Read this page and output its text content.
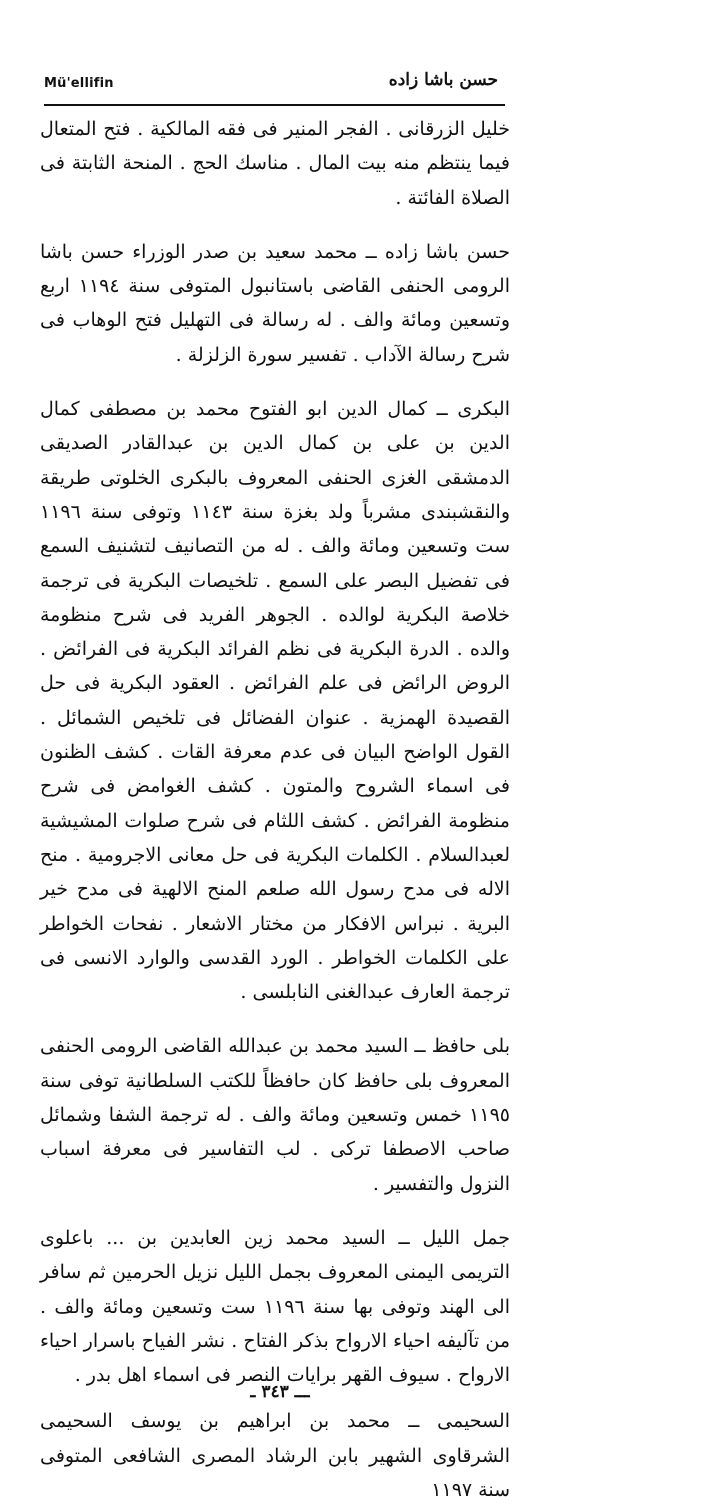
Mü'ellifin	حسن باشا زاده

خليل الزرقانى . الفجر المنير فى فقه المالكية . فتح المتعال فيما ينتظم منه بيت المال . مناسك الحج . المنحة الثابتة فى الصلاة الفائتة .

حسن باشا زاده ــ محمد سعيد بن صدر الوزراء حسن باشا الرومى الحنفى القاضى باستانبول المتوفى سنة ١١٩٤ اربع وتسعين ومائة والف . له رسالة فى التهليل فتح الوهاب فى شرح رسالة الآداب . تفسير سورة الزلزلة .

البكرى ــ كمال الدين ابو الفتوح محمد بن مصطفى كمال الدين بن على بن كمال الدين بن عبدالقادر الصديقى الدمشقى الغزى الحنفى المعروف بالبكرى الخلوتى طريقة والنقشبندى مشرباً ولد بغزة سنة ١١٤٣ وتوفى سنة ١١٩٦ ست وتسعين ومائة والف . له من التصانيف لتشنيف السمع فى تفضيل البصر على السمع . تلخيصات البكرية فى ترجمة خلاصة البكرية لوالده . الجوهر الفريد فى شرح منظومة والده . الدرة البكرية فى نظم الفرائد البكرية فى الفرائض . الروض الرائض فى علم الفرائض . العقود البكرية فى حل القصيدة الهمزية . عنوان الفضائل فى تلخيص الشمائل . القول الواضح البيان فى عدم معرفة القات . كشف الظنون فى اسماء الشروح والمتون . كشف الغوامض فى شرح منظومة الفرائض . كشف اللثام فى شرح صلوات المشيشية لعبدالسلام . الكلمات البكرية فى حل معانى الاجرومية . منح الاله فى مدح رسول الله صلعم المنح الالهية فى مدح خير البرية . نبراس الافكار من مختار الاشعار . نفحات الخواطر على الكلمات الخواطر . الورد القدسى والوارد الانسى فى ترجمة العارف عبدالغنى النابلسى .

بلى حافظ ــ السيد محمد بن عبدالله القاضى الرومى الحنفى المعروف بلى حافظ كان حافظاً للكتب السلطانية توفى سنة ١١٩٥ خمس وتسعين ومائة والف . له ترجمة الشفا وشمائل صاحب الاصطفا تركى . لب التفاسير فى معرفة اسباب النزول والتفسير .

جمل الليل ــ السيد محمد زين العابدين بن ... باعلوى التريمى اليمنى المعروف بجمل الليل نزيل الحرمين ثم سافر الى الهند وتوفى بها سنة ١١٩٦ ست وتسعين ومائة والف . من تآليفه احياء الارواح بذكر الفتاح . نشر الفياح باسرار احياء الارواح . سيوف القهر برايات النصر فى اسماء اهل بدر .

السحيمى ــ محمد بن ابراهيم بن يوسف السحيمى الشرقاوى الشهير بابن الرشاد المصرى الشافعى المتوفى سنة ١١٩٧

ـــ ٣٤٣ ـ
